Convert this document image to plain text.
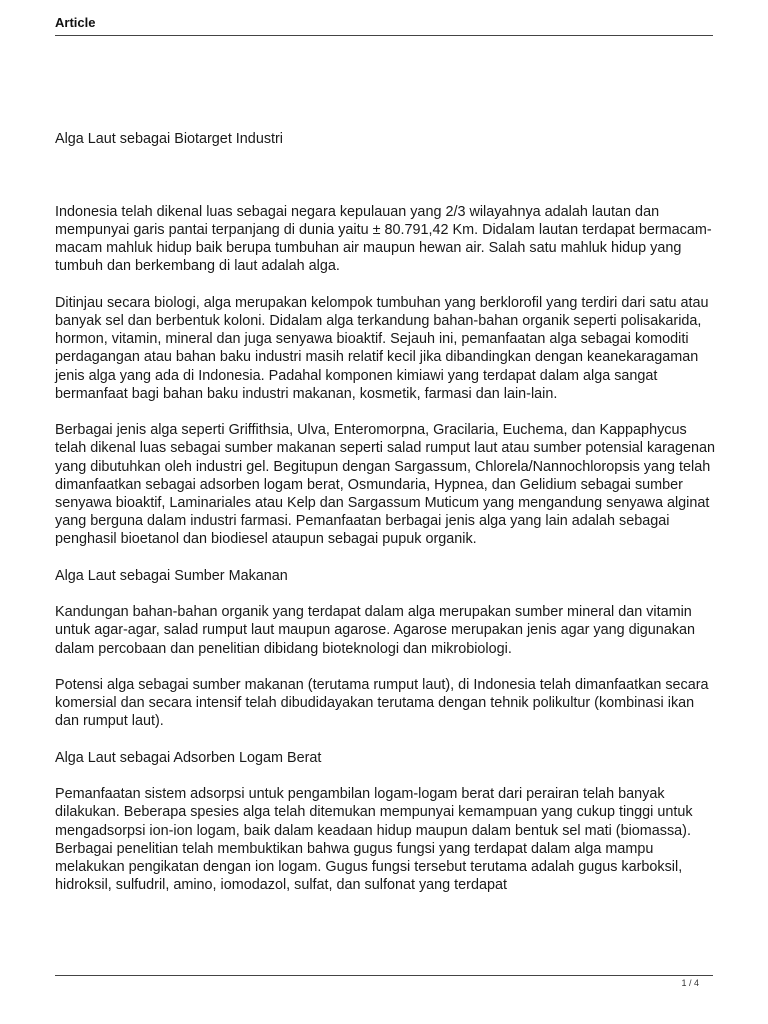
Article

Alga Laut sebagai Biotarget Industri

Indonesia telah dikenal luas sebagai negara kepulauan yang 2/3 wilayahnya adalah lautan dan mempunyai garis pantai terpanjang di dunia yaitu ± 80.791,42 Km. Didalam lautan terdapat bermacam-macam mahluk hidup baik berupa tumbuhan air maupun hewan air. Salah satu mahluk hidup yang tumbuh dan berkembang di laut adalah alga.

Ditinjau secara biologi, alga merupakan kelompok tumbuhan yang berklorofil yang terdiri dari satu atau banyak sel dan berbentuk koloni. Didalam alga terkandung bahan-bahan organik seperti polisakarida, hormon, vitamin, mineral dan juga senyawa bioaktif. Sejauh ini, pemanfaatan alga sebagai komoditi perdagangan atau bahan baku industri masih relatif kecil jika dibandingkan dengan keanekaragaman jenis alga yang ada di Indonesia. Padahal komponen kimiawi yang terdapat dalam alga sangat bermanfaat bagi bahan baku industri makanan, kosmetik, farmasi dan lain-lain.

Berbagai jenis alga seperti Griffithsia, Ulva, Enteromorpna, Gracilaria, Euchema, dan Kappaphycus telah dikenal luas sebagai sumber makanan seperti salad rumput laut atau sumber potensial karagenan yang dibutuhkan oleh industri gel. Begitupun dengan Sargassum, Chlorela/Nannochloropsis yang telah dimanfaatkan sebagai adsorben logam berat, Osmundaria, Hypnea, dan Gelidium sebagai sumber senyawa bioaktif, Laminariales atau Kelp dan Sargassum Muticum yang mengandung senyawa alginat yang berguna dalam industri farmasi. Pemanfaatan berbagai jenis alga yang lain adalah sebagai penghasil bioetanol dan biodiesel ataupun sebagai pupuk organik.

Alga Laut sebagai Sumber Makanan

Kandungan bahan-bahan organik yang terdapat dalam alga merupakan sumber mineral dan vitamin untuk agar-agar, salad rumput laut maupun agarose. Agarose merupakan jenis agar yang digunakan dalam percobaan dan penelitian dibidang bioteknologi dan mikrobiologi.

Potensi alga sebagai sumber makanan (terutama rumput laut), di Indonesia telah dimanfaatkan secara komersial dan secara intensif telah dibudidayakan terutama dengan tehnik polikultur (kombinasi ikan dan rumput laut).

Alga Laut sebagai Adsorben Logam Berat

Pemanfaatan sistem adsorpsi untuk pengambilan logam-logam berat dari perairan telah banyak dilakukan. Beberapa spesies alga telah ditemukan mempunyai kemampuan yang cukup tinggi untuk mengadsorpsi ion-ion logam, baik dalam keadaan hidup maupun dalam bentuk sel mati (biomassa). Berbagai penelitian telah membuktikan bahwa gugus fungsi yang terdapat dalam alga mampu melakukan pengikatan dengan ion logam. Gugus fungsi tersebut terutama adalah gugus karboksil, hidroksil, sulfudril, amino, iomodazol, sulfat, dan sulfonat yang terdapat

1 / 4
